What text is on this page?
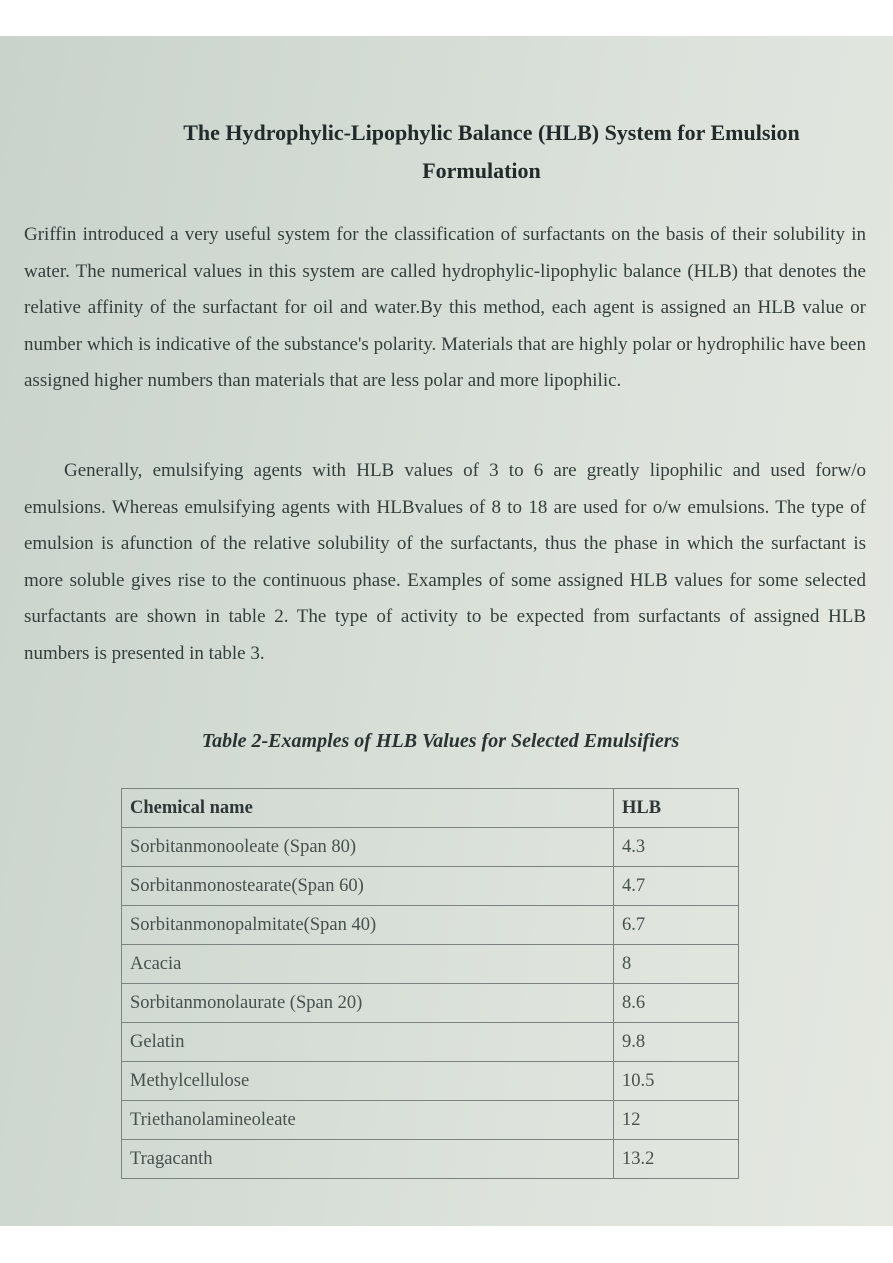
The Hydrophylic-Lipophylic Balance (HLB) System for Emulsion
Formulation

Griffin introduced a very useful system for the classification of surfactants on the basis of their solubility in water. The numerical values in this system are called hydrophylic-lipophylic balance (HLB) that denotes the relative affinity of the surfactant for oil and water.By this method, each agent is assigned an HLB value or number which is indicative of the substance's polarity. Materials that are highly polar or hydrophilic have been assigned higher numbers than materials that are less polar and more lipophilic.

Generally, emulsifying agents with HLB values of 3 to 6 are greatly lipophilic and used forw/o emulsions. Whereas emulsifying agents with HLBvalues of 8 to 18 are used for o/w emulsions. The type of emulsion is afunction of the relative solubility of the surfactants, thus the phase in which the surfactant is more soluble gives rise to the continuous phase. Examples of some assigned HLB values for some selected surfactants are shown in table 2. The type of activity to be expected from surfactants of assigned HLB numbers is presented in table 3.

Table 2-Examples of HLB Values for Selected Emulsifiers
Chemical name	HLB
Sorbitanmonooleate (Span 80)	4.3
Sorbitanmonostearate(Span 60)	4.7
Sorbitanmonopalmitate(Span 40)	6.7
Acacia	8
Sorbitanmonolaurate (Span 20)	8.6
Gelatin	9.8
Methylcellulose	10.5
Triethanolamineoleate	12
Tragacanth	13.2
